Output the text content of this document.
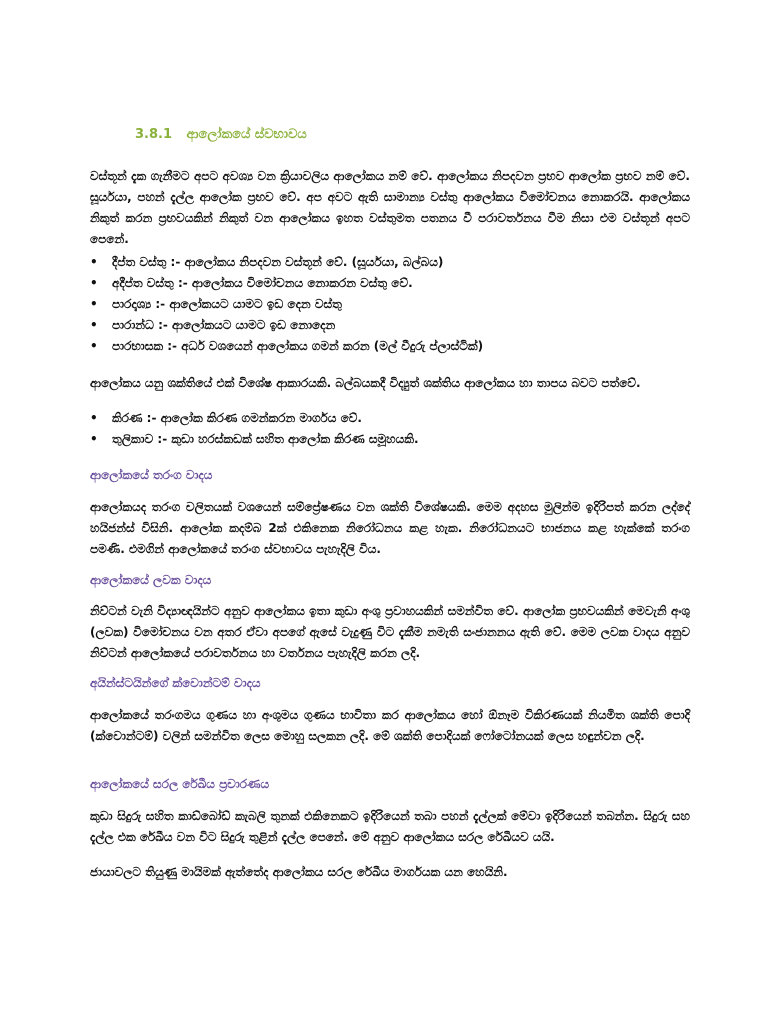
3.8.1 ආලෝකයේ ස්වභාවය

වස්තූන් දැක ගැනීමට අපට අවශ්‍ය වන ක්‍රියාවලිය ආලෝකය නම් වේ. ආලෝකය නිපදවන ප්‍රභව ආලෝක ප්‍රභව නම් වේ. සූර්යයා, පහන් දැල්ල ආලෝක ප්‍රභව වේ. අප අවට ඇති සාමාන්‍ය වස්තු ආලෝකය විමෝචනය නොකරයි. ආලෝකය නිකුත් කරන ප්‍රභවයකින් නිකුත් වන ආලෝකය ඉහත වස්තුමත පතනය වී පරාවර්තනය වීම නිසා එම වස්තූන් අපට පෙනේ.

• දීප්ත වස්තු :- ආලෝකය නිපදවන වස්තූන් වේ. (සූර්යයා, බල්බය)
• අදීප්ත වස්තු :- ආලෝකය විමෝචනය නොකරන වස්තු වේ.
• පාරදෘශ්‍ය :- ආලෝකයට යාමට ඉඩ දෙන වස්තු
• පාරාන්ධ :- ආලෝකයට යාමට ඉඩ නොදෙන
• පාරභාසක :- අර්ධ වශයෙන් ආලෝකය ගමන් කරන (මල් වීදුරු ප්ලාස්ටික්)

ආලෝකය යනු ශක්තියේ එක් විශේෂ ආකාරයකි. බල්බයකදී විද්‍යුත් ශක්තිය ආලෝකය හා තාපය බවට පත්වේ.

• කිරණ :- ආලෝක කිරණ ගමන්කරන මාර්ගය වේ.
• තුලිකාව :- කුඩා හරස්කඩක් සහිත ආලෝක කිරණ සමූහයකි.
ආලෝකයේ තරංග වාදය

ආලෝකයද තරංග චලිතයක් වශයෙන් සම්ප්‍රේෂණය වන ශක්ති විශේෂයකි. මෙම අදහස මුලින්ම ඉදිරිපත් කරන ලද්දේ හයිජන්ස් විසිනි. ආලෝක කදම්බ 2ක් එකිනෙක නිරෝධනය කළ හැක. නිරෝධනයට භාජනය කළ හැක්කේ තරංග පමණි. එමගින් ආලෝකයේ තරංග ස්වභාවය පැහැදිලි විය.

ආලෝකයේ ලවක වාදය

නිව්ටන් වැනි විද්‍යාඥයින්ට අනුව ආලෝකය ඉතා කුඩා අංශු ප්‍රවාහයකින් සමන්විත වේ. ආලෝක ප්‍රභවයකින් මෙවැනි අංශු (ලවක) විමෝචනය වන අතර ඒවා අපගේ ඇසේ වැදුණු විට දැකීම නමැති සංජානනය ඇති වේ. මෙම ලවක වාදය අනුව නිව්ටන් ආලෝකයේ පරාවර්තනය හා වර්තනය පැහැදිලි කරන ලදි.

අයින්ස්ටයින්ගේ ක්වොන්ටම් වාදය

ආලෝකයේ තරංගමය ගුණය හා අංශුමය ගුණය භාවිතා කර ආලෝකය හෝ ඕනෑම විකිරණයක් නියමිත ශක්ති පොදි (ක්වොන්ටම්) වලින් සමන්විත ලෙස මොහු සලකන ලදි. මේ ශක්ති පොදියක් ෆෝටෝනයක් ලෙස හඳුන්වන ලදි.

ආලෝකයේ සරල රේඛීය ප්‍රචාරණය

කුඩා සිදුරු සහිත කාඩ්බෝඩ් කැබලි තුනක් එකිනෙකට ඉදිරියෙන් තබා පහන් දැල්ලක් මේවා ඉදිරියෙන් තබන්න. සිදුරු සහ දැල්ල එක රේඛීය වන විට සිදුරු තුළින් දැල්ල පෙනේ. මේ අනුව ආලෝකය සරල රේඛීයව යයි.

ජායාවලට තියුණු මායිමක් ඇත්තේද ආලෝකය සරල රේඛීය මාර්ගයක යන හෙයිනි.
